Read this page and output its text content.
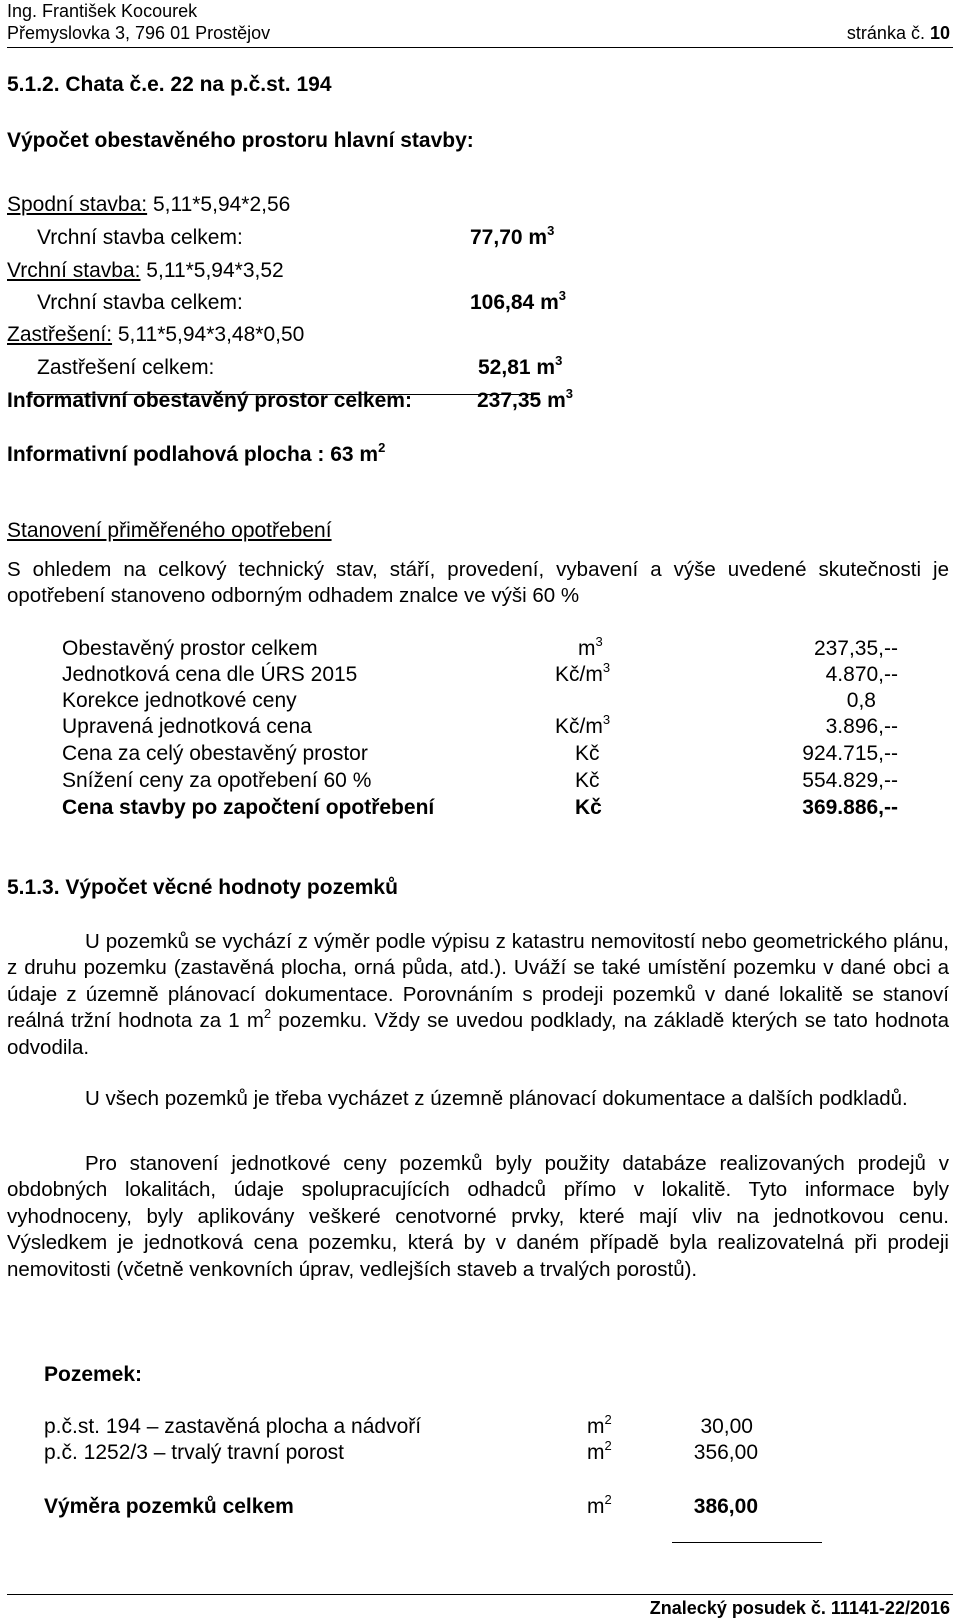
Ing. František Kocourek
Přemyslovka 3, 796 01 Prostějov	stránka č. 10
5.1.2. Chata č.e. 22 na p.č.st. 194
Výpočet obestavěného prostoru hlavní stavby:
Spodní stavba: 5,11*5,94*2,56
Vrchní stavba celkem:	77,70 $m^3$
Vrchní stavba: 5,11*5,94*3,52
Vrchní stavba celkem:	106,84 $m^3$
Zastřešení: 5,11*5,94*3,48*0,50
Zastřešení celkem:	52,81 $m^3$
Informativní obestavěný prostor celkem:	237,35 $m^3$
Informativní podlahová plocha : 63 $m^2$
Stanovení přiměřeného opotřebení
S ohledem na celkový technický stav, stáří, provedení, vybavení a výše uvedené skutečnosti je opotřebení stanoveno odborným odhadem znalce ve výši 60 %
Obestavěný prostor celkem	$m^3$	237,35,--
Jednotková cena dle ÚRS 2015	$Kč/m^3$	4.870,--
Korekce jednotkové ceny	0,8
Upravená jednotková cena	$Kč/m^3$	3.896,--
Cena za celý obestavěný prostor	Kč	924.715,--
Snížení ceny za opotřebení 60 %	Kč	554.829,--
Cena stavby po započtení opotřebení	Kč	369.886,--
5.1.3. Výpočet věcné hodnoty pozemků
U pozemků se vychází z výměr podle výpisu z katastru nemovitostí nebo geometrického plánu, z druhu pozemku (zastavěná plocha, orná půda, atd.). Uváží se také umístění pozemku v dané obci a údaje z územně plánovací dokumentace. Porovnáním s prodeji pozemků v dané lokalitě se stanoví reálná tržní hodnota za 1 $m^2$ pozemku. Vždy se uvedou podklady, na základě kterých se tato hodnota odvodila.
U všech pozemků je třeba vycházet z územně plánovací dokumentace a dalších podkladů.
Pro stanovení jednotkové ceny pozemků byly použity databáze realizovaných prodejů v obdobných lokalitách, údaje spolupracujících odhadců přímo v lokalitě. Tyto informace byly vyhodnoceny, byly aplikovány veškeré cenotvorné prvky, které mají vliv na jednotkovou cenu. Výsledkem je jednotková cena pozemku, která by v daném případě byla realizovatelná při prodeji nemovitosti (včetně venkovních úprav, vedlejších staveb a trvalých porostů).
Pozemek:
p.č.st. 194 – zastavěná plocha a nádvoří	$m^2$	30,00
p.č. 1252/3 – trvalý travní porost	$m^2$	356,00
Výměra pozemků celkem	$m^2$	386,00
Znalecký posudek č. 11141-22/2016
